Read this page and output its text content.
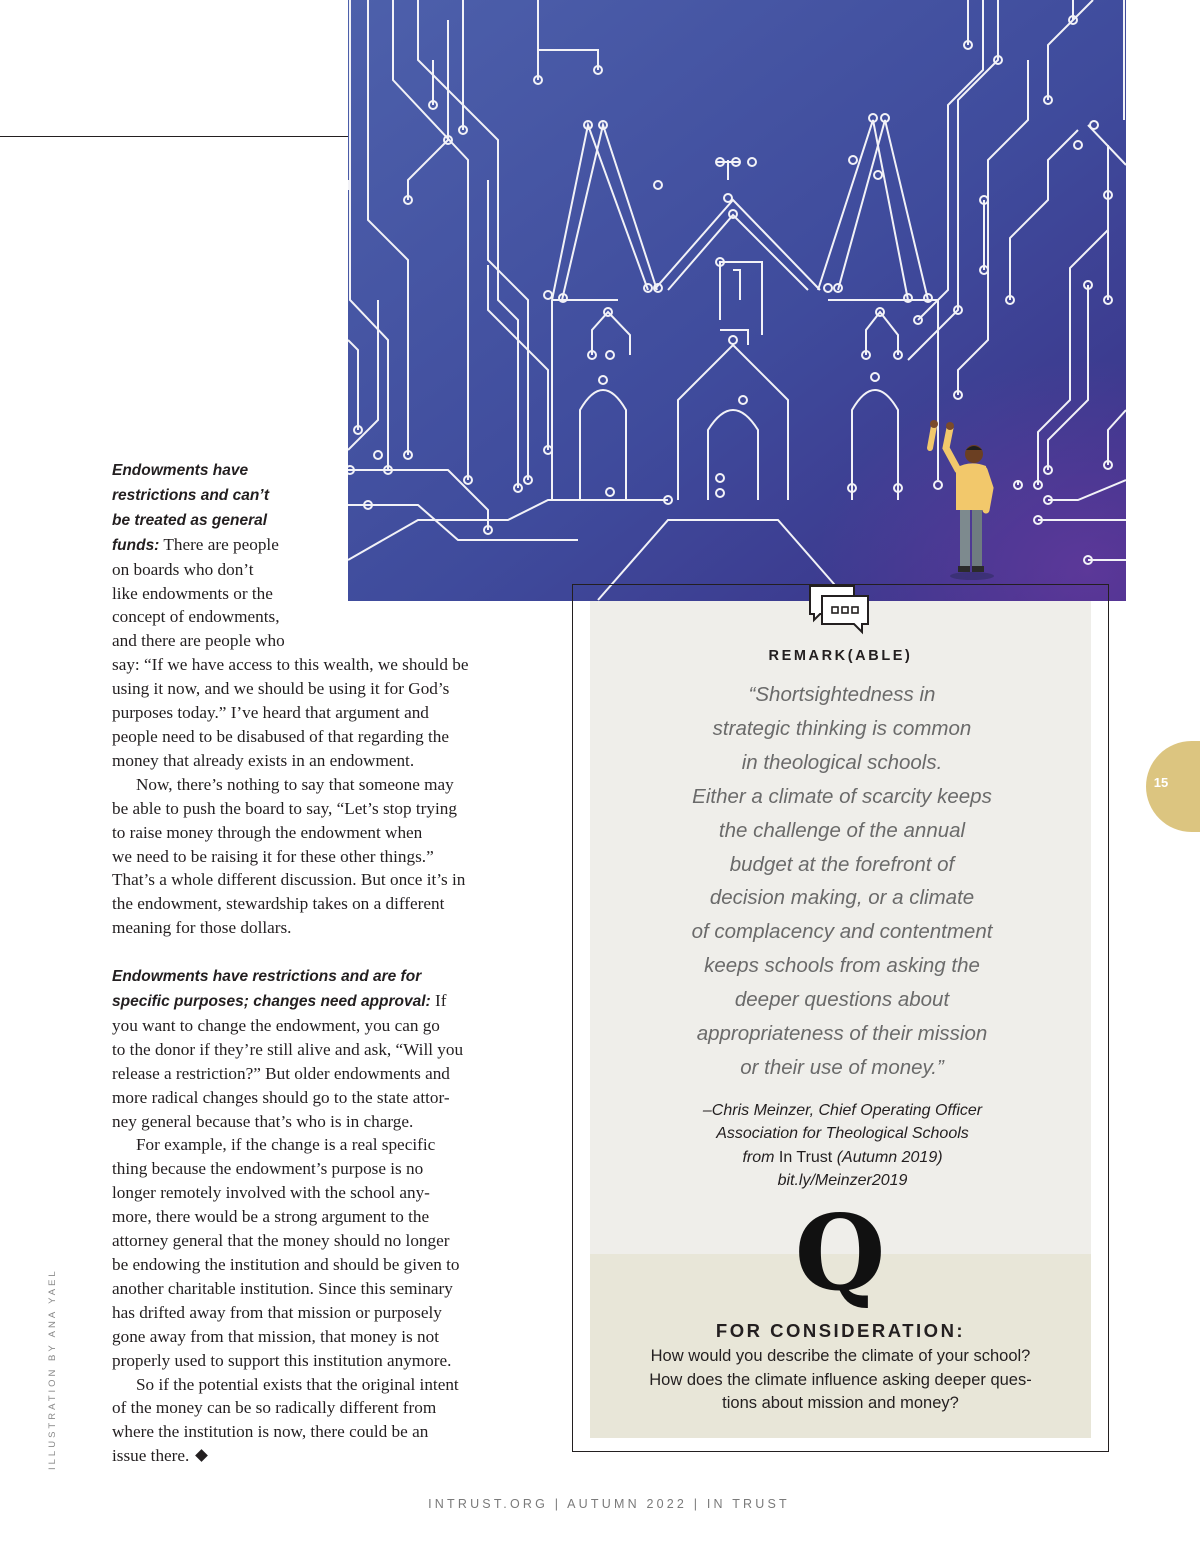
Endowments have
restrictions and can’t
be treated as general
funds: There are people
on boards who don’t
like endowments or the
concept of endowments,
and there are people who
say: “If we have access to this wealth, we should be
using it now, and we should be using it for God’s
purposes today.” I’ve heard that argument and
people need to be disabused of that regarding the
money that already exists in an endowment.

Now, there’s nothing to say that someone may
be able to push the board to say, “Let’s stop trying
to raise money through the endowment when
we need to be raising it for these other things.”
That’s a whole different discussion. But once it’s in
the endowment, stewardship takes on a different
meaning for those dollars.

Endowments have restrictions and are for
specific purposes; changes need approval: If
you want to change the endowment, you can go
to the donor if they’re still alive and ask, “Will you
release a restriction?” But older endowments and
more radical changes should go to the state attor-
ney general because that’s who is in charge.

For example, if the change is a real specific
thing because the endowment’s purpose is no
longer remotely involved with the school any-
more, there would be a strong argument to the
attorney general that the money should no longer
be endowing the institution and should be given to
another charitable institution. Since this seminary
has drifted away from that mission or purposely
gone away from that mission, that money is not
properly used to support this institution anymore.

So if the potential exists that the original intent
of the money can be so radically different from
where the institution is now, there could be an
issue there.

REMARK(ABLE)
“Shortsightedness in
strategic thinking is common
in theological schools.
Either a climate of scarcity keeps
the challenge of the annual
budget at the forefront of
decision making, or a climate
of complacency and contentment
keeps schools from asking the
deeper questions about
appropriateness of their mission
or their use of money.”
–Chris Meinzer, Chief Operating Officer
Association for Theological Schools
from In Trust (Autumn 2019)
bit.ly/Meinzer2019
Q
FOR CONSIDERATION:
How would you describe the climate of your school?
How does the climate influence asking deeper ques-
tions about mission and money?
15
ILLUSTRATION BY ANA YAEL
INTRUST.ORG | AUTUMN 2022 | IN TRUST
